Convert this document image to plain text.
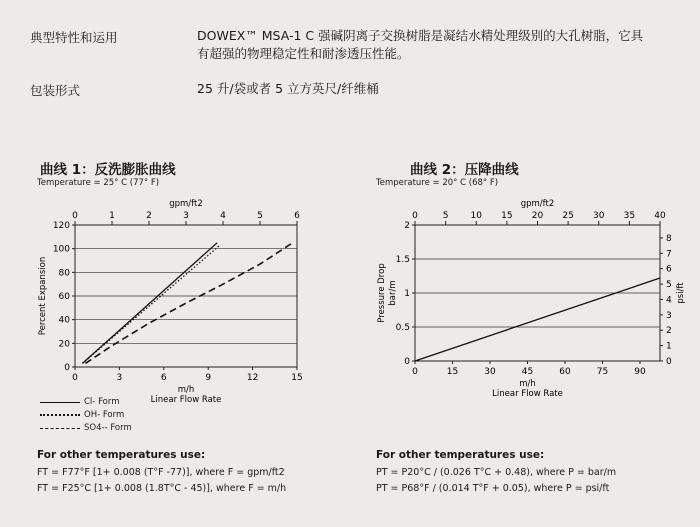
典型特性和运用	DOWEX™ MSA-1 C 强碱阴离子交换树脂是凝结水精处理级别的大孔树脂，它具
有超强的物理稳定性和耐渗透压性能。
包装形式	25 升/袋或者 5 立方英尺/纤维桶
曲线 1：反洗膨胀曲线
Temperature = 25° C (77° F)
曲线 2：压降曲线
Temperature = 20° C (68° F)
0
20
40
60
80
100
120
0	3	6	9	12	15
0	2	4	6
1	3	5
gpm/ft2
m/h
Linear Flow Rate
Percent Expansion
0
0.5
1
1.5
2
0
1
2
3
4
5
6
7
8
0	15	30	45	60	75	90
0	5 10 15 20 25 30 35 40
gpm/ft2
m/h
Linear Flow Rate
Pressure Drop bar/m	psi/ft
Cl- Form
OH- Form
SO4-- Form
For other temperatures use:
FT = F77°F [1+ 0.008 (T°F -77)], where F = gpm/ft2
FT = F25°C [1+ 0.008 (1.8T°C - 45)], where F = m/h
For other temperatures use:
PT = P20°C / (0.026 T°C + 0.48), where P = bar/m
PT = P68°F / (0.014 T°F + 0.05), where P = psi/ft
